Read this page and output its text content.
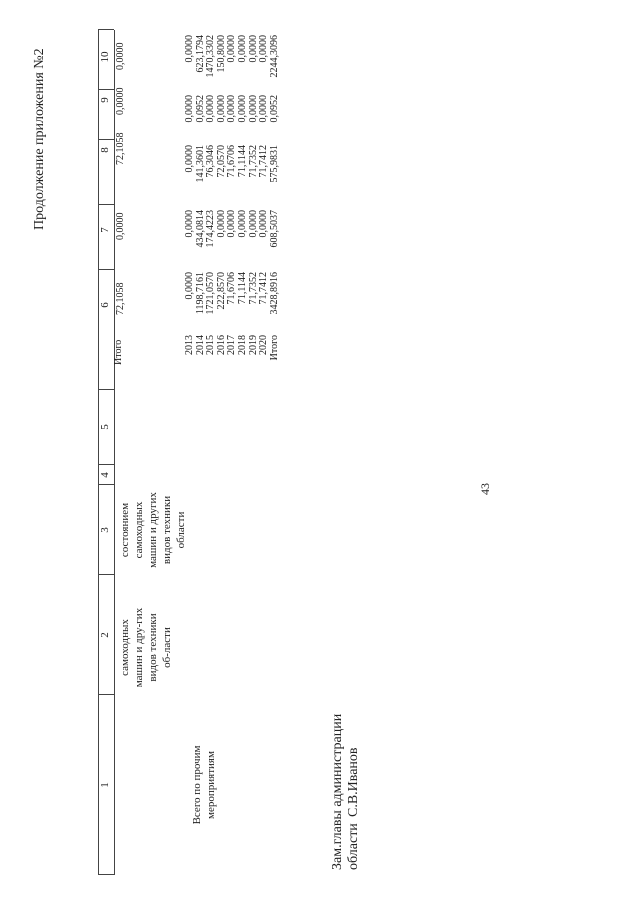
43
Продолжение приложения №2
1
2
3
4
5
6
7
8
9
10
Итого
72,1058
0,0000
72,1058
0,0000
0,0000
Всего по прочим мероприятиям
самоходных машин и дру-гих видов техники об-ласти
состоянием самоходных машин и других видов техники области
2013 2014 2015 2016 2017 2018 2019 2020 Итого
0,0000 1198,7161 1721,0570 222,8570 71,6706 71,1144 71,7352 71,7412 3428,8916
0,0000 434,0814 174,4223 0,0000 0,0000 0,0000 0,0000 0,0000 608,5037
0,0000 141,3601 76,3046 72,0570 71,6706 71,1144 71,7352 71,7412 575,9831
0,0000 0,0952 0,0000 0,0000 0,0000 0,0000 0,0000 0,0000 0,0952
0,0000 623,1794 1470,3302 150,8000 0,0000 0,0000 0,0000 0,0000 2244,3096
Зам.главы администрации области
С.В.Иванов
